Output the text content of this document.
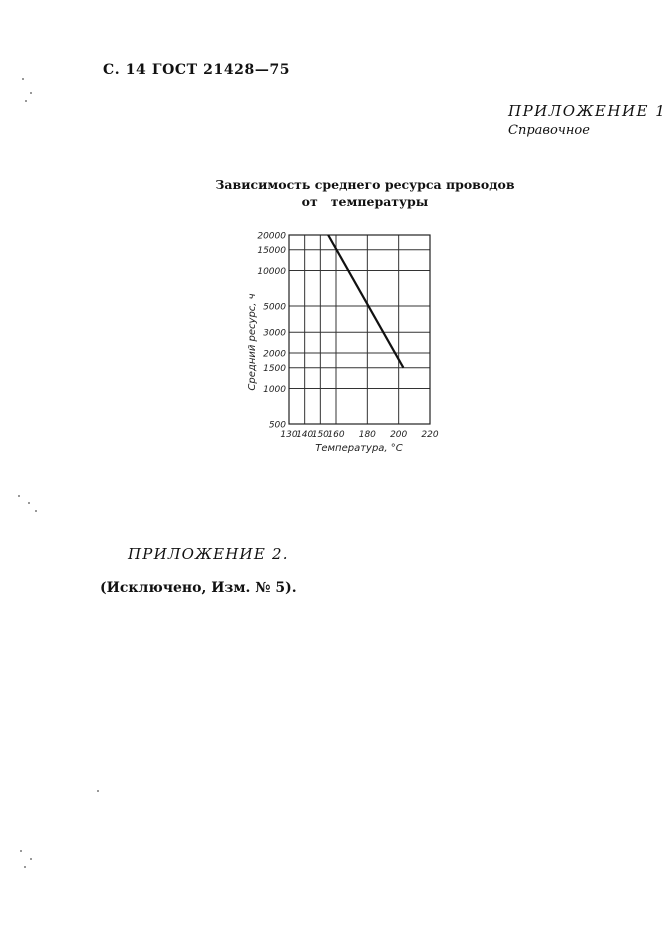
С. 14 ГОСТ 21428—75
ПРИЛОЖЕНИЕ 1
Справочное
Зависимость среднего ресурса проводов
от   температуры
500
1000
1500
2000
3000
5000
10000
15000
20000
130
140
150
160 180 200 220
Температура, °С
Средний ресурс, ч
ПРИЛОЖЕНИЕ 2.
(Исключено, Изм. № 5).
